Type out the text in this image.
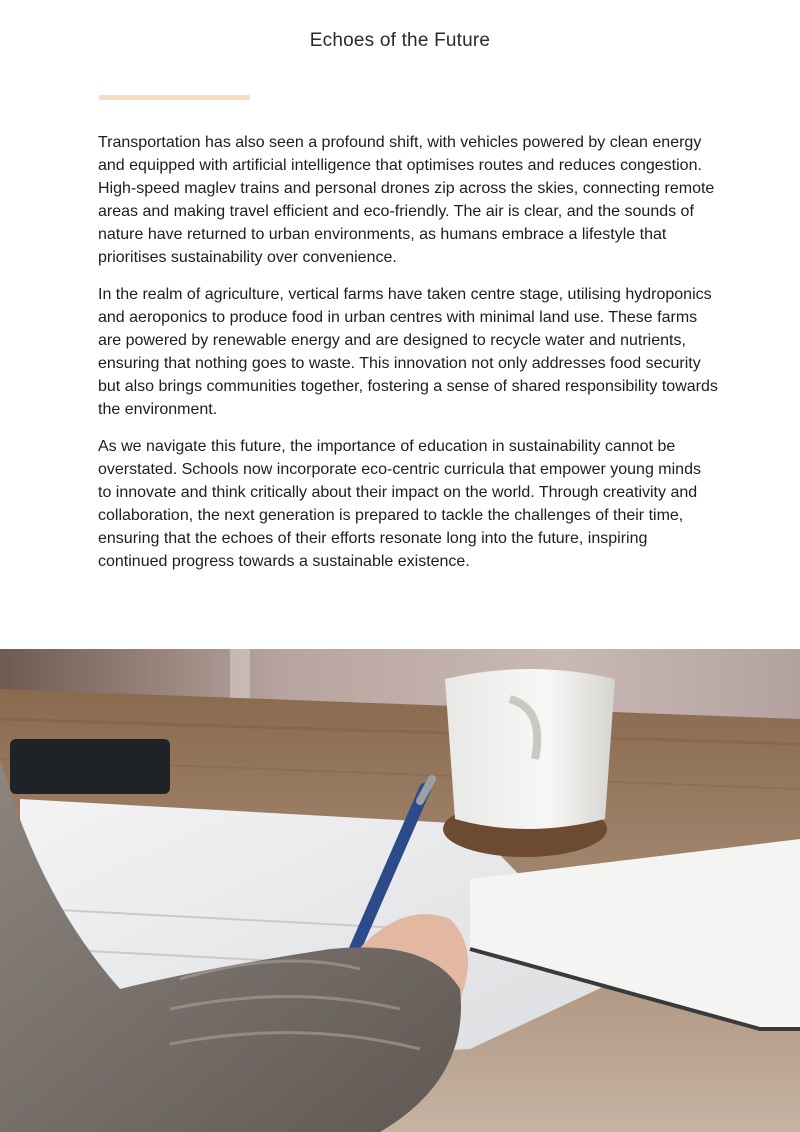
Echoes of the Future

Transportation has also seen a profound shift, with vehicles powered by clean energy and equipped with artificial intelligence that optimises routes and reduces congestion. High-speed maglev trains and personal drones zip across the skies, connecting remote areas and making travel efficient and eco-friendly. The air is clear, and the sounds of nature have returned to urban environments, as humans embrace a lifestyle that prioritises sustainability over convenience.

In the realm of agriculture, vertical farms have taken centre stage, utilising hydroponics and aeroponics to produce food in urban centres with minimal land use. These farms are powered by renewable energy and are designed to recycle water and nutrients, ensuring that nothing goes to waste. This innovation not only addresses food security but also brings communities together, fostering a sense of shared responsibility towards the environment.

As we navigate this future, the importance of education in sustainability cannot be overstated. Schools now incorporate eco-centric curricula that empower young minds to innovate and think critically about their impact on the world. Through creativity and collaboration, the next generation is prepared to tackle the challenges of their time, ensuring that the echoes of their efforts resonate long into the future, inspiring continued progress towards a sustainable existence.
